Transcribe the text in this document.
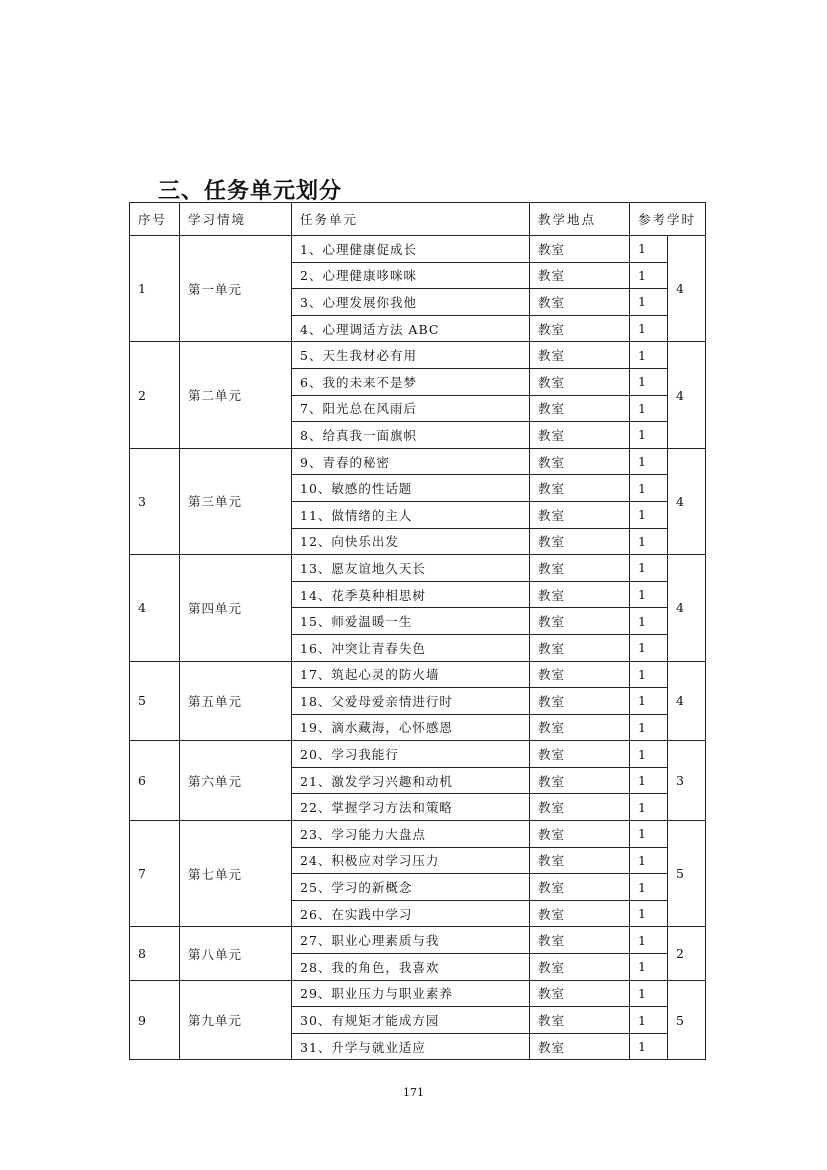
三、任务单元划分
序号	学习情境	任务单元	教学地点	参考学时	
1	第一单元	1、心理健康促成长	教室	1	4
		2、心理健康哆咪咪	教室	1	
		3、心理发展你我他	教室	1	
		4、心理调适方法 ABC	教室	1	
2	第二单元	5、天生我材必有用	教室	1	4
		6、我的未来不是梦	教室	1	
		7、阳光总在风雨后	教室	1	
		8、给真我一面旗帜	教室	1	
3	第三单元	9、青春的秘密	教室	1	4
		10、敏感的性话题	教室	1	
		11、做情绪的主人	教室	1	
		12、向快乐出发	教室	1	
4	第四单元	13、愿友谊地久天长	教室	1	4
		14、花季莫种相思树	教室	1	
		15、师爱温暖一生	教室	1	
		16、冲突让青春失色	教室	1	
5	第五单元	17、筑起心灵的防火墙	教室	1	4
		18、父爱母爱亲情进行时	教室	1	
		19、滴水藏海，心怀感恩	教室	1	
6	第六单元	20、学习我能行	教室	1	3
		21、激发学习兴趣和动机	教室	1	
		22、掌握学习方法和策略	教室	1	
7	第七单元	23、学习能力大盘点	教室	1	5
		24、积极应对学习压力	教室	1	
		25、学习的新概念	教室	1	
		26、在实践中学习	教室	1	
8	第八单元	27、职业心理素质与我	教室	1	2
		28、我的角色，我喜欢	教室	1	
9	第九单元	29、职业压力与职业素养	教室	1	5
		30、有规矩才能成方园	教室	1	
		31、升学与就业适应	教室	1	
171
